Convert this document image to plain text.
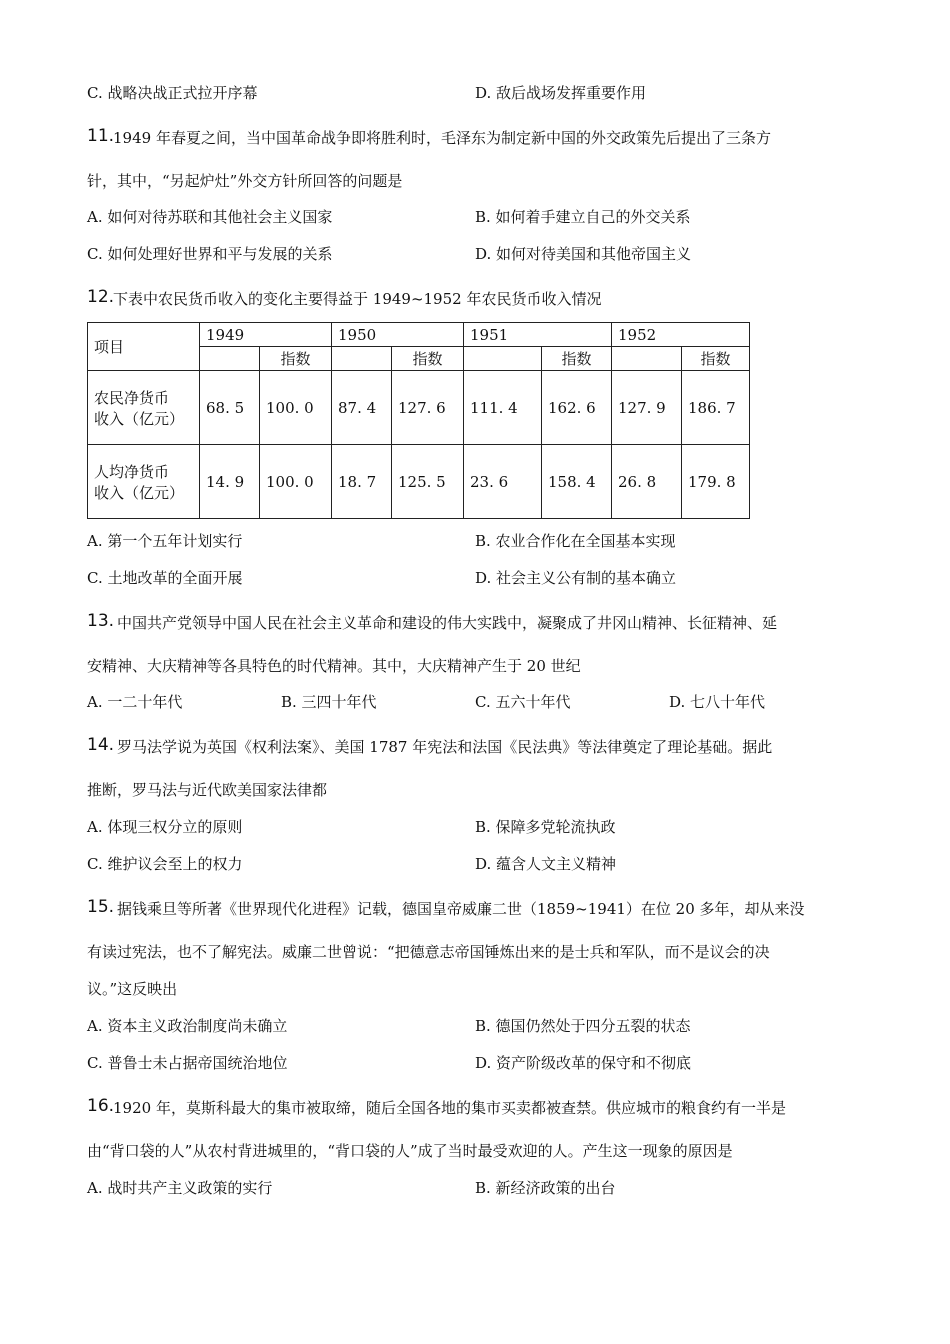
C. 战略决战正式拉开序幕	D. 敌后战场发挥重要作用
11.
1949 年春夏之间，当中国革命战争即将胜利时，毛泽东为制定新中国的外交政策先后提出了三条方
针，其中，“另起炉灶”外交方针所回答的问题是
A. 如何对待苏联和其他社会主义国家	B. 如何着手建立自己的外交关系
C. 如何处理好世界和平与发展的关系	D. 如何对待美国和其他帝国主义
12.
下表中农民货币收入的变化主要得益于 1949~1952 年农民货币收入情况
项目	1949		1950		1951		1952	
		指数		指数		指数		指数

农民净货币
收入（亿元）	68. 5	100. 0	87. 4	127. 6	111. 4	162. 6	127. 9	186. 7

人均净货币
收入（亿元）	14. 9	100. 0	18. 7	125. 5	23. 6	158. 4	26. 8	179. 8
A. 第一个五年计划实行	B. 农业合作化在全国基本实现
C. 土地改革的全面开展	D. 社会主义公有制的基本确立
13. 中国共产党领导中国人民在社会主义革命和建设的伟大实践中，凝聚成了井冈山精神、长征精神、延
安精神、大庆精神等各具特色的时代精神。其中，大庆精神产生于 20 世纪
A. 一二十年代	B. 三四十年代	C. 五六十年代	D. 七八十年代
14. 罗马法学说为英国《权利法案》、美国 1787 年宪法和法国《民法典》等法律奠定了理论基础。据此
推断，罗马法与近代欧美国家法律都
A. 体现三权分立的原则	B. 保障多党轮流执政
C. 维护议会至上的权力	D. 蕴含人文主义精神
15. 据钱乘旦等所著《世界现代化进程》记载，德国皇帝威廉二世（1859~1941）在位 20 多年，却从来没
有读过宪法，也不了解宪法。威廉二世曾说：“把德意志帝国锤炼出来的是士兵和军队，而不是议会的决
议。”这反映出
A. 资本主义政治制度尚未确立	B. 德国仍然处于四分五裂的状态
C. 普鲁士未占据帝国统治地位	D. 资产阶级改革的保守和不彻底
16.
1920 年，莫斯科最大的集市被取缔，随后全国各地的集市买卖都被查禁。供应城市的粮食约有一半是
由“背口袋的人”从农村背进城里的，“背口袋的人”成了当时最受欢迎的人。产生这一现象的原因是
A. 战时共产主义政策的实行	B. 新经济政策的出台
